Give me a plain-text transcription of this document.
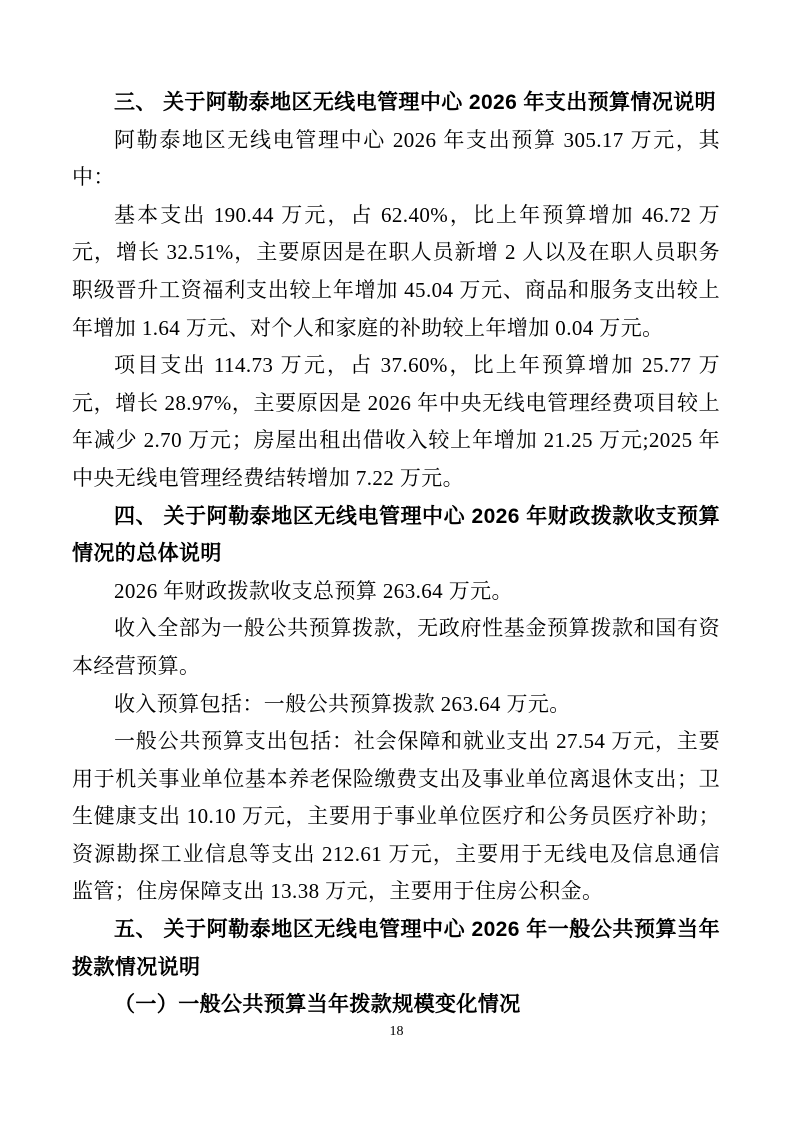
三、 关于阿勒泰地区无线电管理中心 2026 年支出预算情况说明
阿勒泰地区无线电管理中心 2026 年支出预算 305.17 万元，其中：
基本支出 190.44 万元，占 62.40%，比上年预算增加 46.72 万元，增长 32.51%，主要原因是在职人员新增 2 人以及在职人员职务职级晋升工资福利支出较上年增加 45.04 万元、商品和服务支出较上年增加 1.64 万元、对个人和家庭的补助较上年增加 0.04 万元。
项目支出 114.73 万元，占 37.60%，比上年预算增加 25.77 万元，增长 28.97%，主要原因是 2026 年中央无线电管理经费项目较上年减少 2.70 万元；房屋出租出借收入较上年增加 21.25 万元;2025 年中央无线电管理经费结转增加 7.22 万元。
四、 关于阿勒泰地区无线电管理中心 2026 年财政拨款收支预算情况的总体说明
2026 年财政拨款收支总预算 263.64 万元。
收入全部为一般公共预算拨款，无政府性基金预算拨款和国有资本经营预算。
收入预算包括：一般公共预算拨款 263.64 万元。
一般公共预算支出包括：社会保障和就业支出 27.54 万元，主要用于机关事业单位基本养老保险缴费支出及事业单位离退休支出；卫生健康支出 10.10 万元，主要用于事业单位医疗和公务员医疗补助；资源勘探工业信息等支出 212.61 万元，主要用于无线电及信息通信监管；住房保障支出 13.38 万元，主要用于住房公积金。
五、 关于阿勒泰地区无线电管理中心 2026 年一般公共预算当年拨款情况说明
（一）一般公共预算当年拨款规模变化情况
18
